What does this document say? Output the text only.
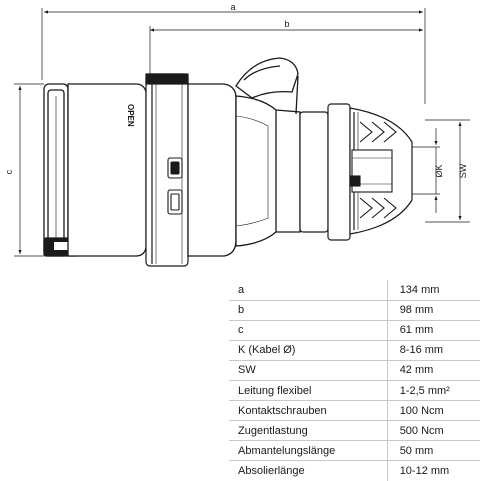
a
b
c	ØK SW
OPEN
a	134 mm
b	98 mm
c	61 mm
K (Kabel Ø)	8-16 mm
SW	42 mm
Leitung flexibel	1-2,5 mm²
Kontaktschrauben	100 Ncm
Zugentlastung	500 Ncm
Abmantelungslänge	50 mm
Absolierlänge	10-12 mm
